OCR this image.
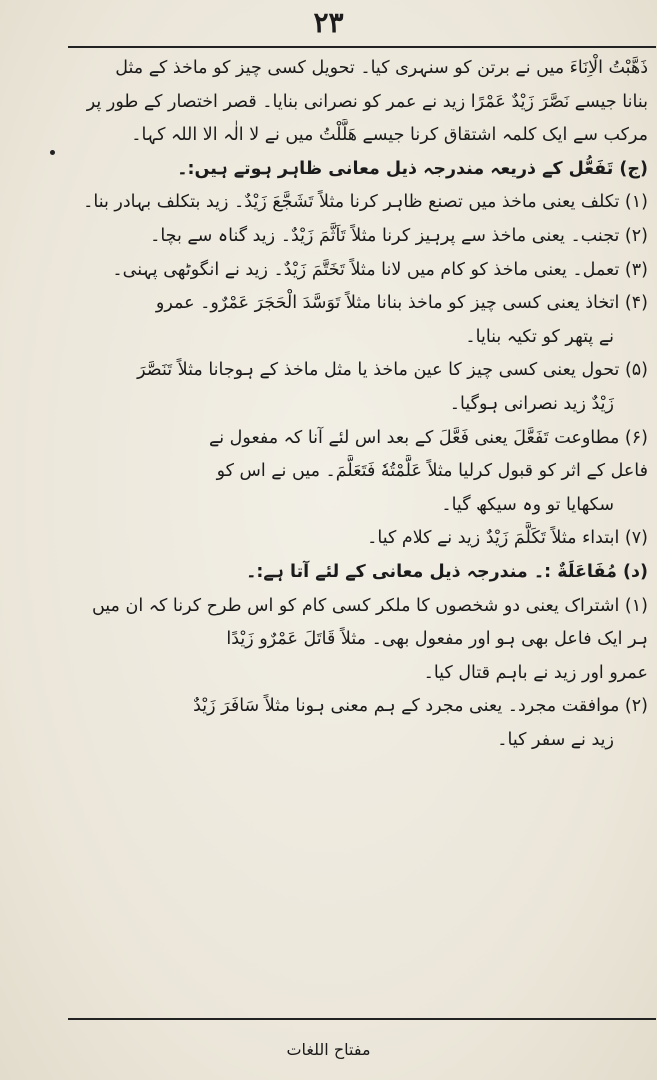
۲۳
ذَهَّبْتُ الْاِنَاءَ میں نے برتن کو سنہری کیا۔ تحویل کسی چیز کو ماخذ کے مثل
بنانا جیسے نَصَّرَ زَیْدٌ عَمْرًا زید نے عمر کو نصرانی بنایا۔ قصر اختصار کے طور پر
مرکب سے ایک کلمہ اشتقاق کرنا جیسے هَلَّلْتُ میں نے لا الٰہ الا اللہ کہا۔
(ج) تَفَعُّل کے ذریعہ مندرجہ ذیل معانی ظاہر ہوتے ہیں:۔
(۱) تکلف یعنی ماخذ میں تصنع ظاہر کرنا مثلاً تَشَجَّعَ زَیْدٌ۔ زید بتکلف بہادر بنا۔
(۲) تجنب۔ یعنی ماخذ سے پرہیز کرنا مثلاً تَاَثَّمَ زَیْدٌ۔ زید گناہ سے بچا۔
(۳) تعمل۔ یعنی ماخذ کو کام میں لانا مثلاً تَخَتَّمَ زَیْدٌ۔ زید نے انگوٹھی پہنی۔
(۴) اتخاذ یعنی کسی چیز کو ماخذ بنانا مثلاً تَوَسَّدَ الْحَجَرَ عَمْرٌو۔ عمرو
نے پتھر کو تکیہ بنایا۔
(۵) تحول یعنی کسی چیز کا عین ماخذ یا مثل ماخذ کے ہوجانا مثلاً تَنَصَّرَ
زَیْدٌ زید نصرانی ہوگیا۔
(۶) مطاوعت تَفَعَّلَ یعنی فَعَّلَ کے بعد اس لئے آنا کہ مفعول نے
فاعل کے اثر کو قبول کرلیا مثلاً عَلَّمْتُهٗ فَتَعَلَّمَ۔ میں نے اس کو
سکھایا تو وہ سیکھ گیا۔
(۷) ابتداء مثلاً تَكَلَّمَ زَیْدٌ زید نے کلام کیا۔
(د) مُفَاعَلَةٌ :۔ مندرجہ ذیل معانی کے لئے آتا ہے:۔
(۱) اشتراک یعنی دو شخصوں کا ملکر کسی کام کو اس طرح کرنا کہ ان میں
ہر ایک فاعل بھی ہو اور مفعول بھی۔ مثلاً قَاتَلَ عَمْرٌو زَیْدًا
عمرو اور زید نے باہم قتال کیا۔
(۲) موافقت مجرد۔ یعنی مجرد کے ہم معنی ہونا مثلاً سَافَرَ زَیْدٌ
زید نے سفر کیا۔
مفتاح اللغات
